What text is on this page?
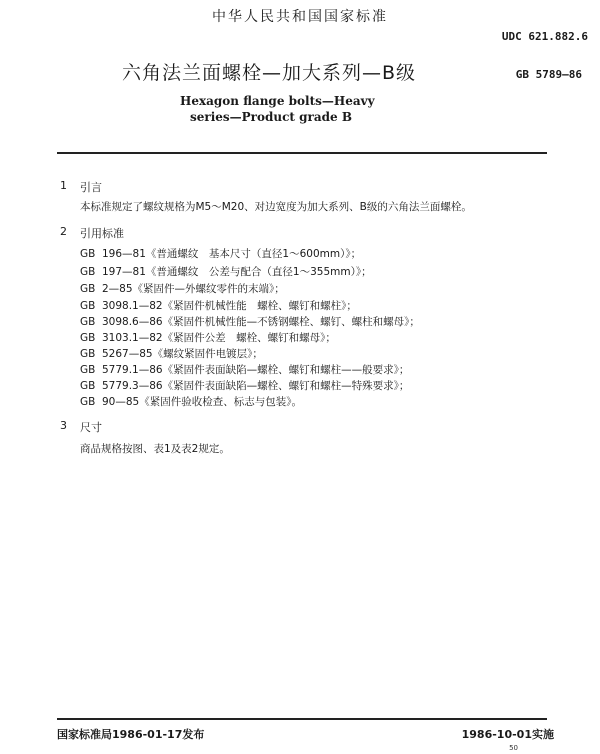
中华人民共和国国家标准
UDC 621.882.6
六角法兰面螺栓—加大系列—B级	GB 5789—86
Hexagon flange bolts—Heavy
series—Product grade B
1 引言
本标准规定了螺纹规格为M5～M20、对边宽度为加大系列、B级的六角法兰面螺栓。
2 引用标准
GB 196—81《普通螺纹　基本尺寸（直径1～600mm）》；
GB 197—81《普通螺纹　公差与配合（直径1～355mm）》；
GB 2—85《紧固件—外螺纹零件的末端》；
GB 3098.1—82《紧固件机械性能　螺栓、螺钉和螺柱》；
GB 3098.6—86《紧固件机械性能—不锈钢螺栓、螺钉、螺柱和螺母》；
GB 3103.1—82《紧固件公差　螺栓、螺钉和螺母》；
GB 5267—85《螺纹紧固件电镀层》；
GB 5779.1—86《紧固件表面缺陷—螺栓、螺钉和螺柱——般要求》；
GB 5779.3—86《紧固件表面缺陷—螺栓、螺钉和螺柱—特殊要求》；
GB 90—85《紧固件验收检查、标志与包装》。
3 尺寸
商品规格按图、表1及表2规定。
国家标准局1986-01-17发布	1986-10-01实施
50
